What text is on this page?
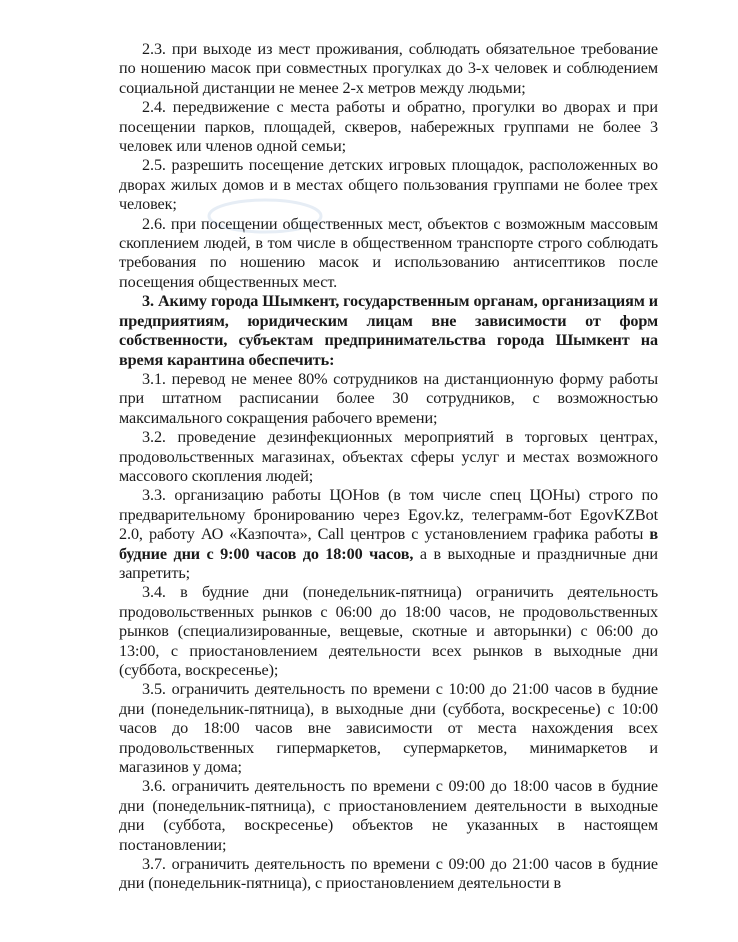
2.3. при выходе из мест проживания, соблюдать обязательное требование по ношению масок при совместных прогулках до 3-х человек и соблюдением социальной дистанции не менее 2-х метров между людьми;

2.4. передвижение с места работы и обратно, прогулки во дворах и при посещении парков, площадей, скверов, набережных группами не более 3 человек или членов одной семьи;

2.5. разрешить посещение детских игровых площадок, расположенных во дворах жилых домов и в местах общего пользования группами не более трех человек;

2.6. при посещении общественных мест, объектов с возможным массовым скоплением людей, в том числе в общественном транспорте строго соблюдать требования по ношению масок и использованию антисептиков после посещения общественных мест.

3. Акиму города Шымкент, государственным органам, организациям и предприятиям, юридическим лицам вне зависимости от форм собственности, субъектам предпринимательства города Шымкент на время карантина обеспечить:

3.1. перевод не менее 80% сотрудников на дистанционную форму работы при штатном расписании более 30 сотрудников, с возможностью максимального сокращения рабочего времени;

3.2. проведение дезинфекционных мероприятий в торговых центрах, продовольственных магазинах, объектах сферы услуг и местах возможного массового скопления людей;

3.3. организацию работы ЦОНов (в том числе спец ЦОНы) строго по предварительному бронированию через Egov.kz, телеграмм-бот EgovKZBot 2.0, работу АО «Казпочта», Call центров с установлением графика работы в будние дни с 9:00 часов до 18:00 часов, а в выходные и праздничные дни запретить;

3.4. в будние дни (понедельник-пятница) ограничить деятельность продовольственных рынков с 06:00 до 18:00 часов, не продовольственных рынков (специализированные, вещевые, скотные и авторынки) с 06:00 до 13:00, с приостановлением деятельности всех рынков в выходные дни (суббота, воскресенье);

3.5. ограничить деятельность по времени с 10:00 до 21:00 часов в будние дни (понедельник-пятница), в выходные дни (суббота, воскресенье) с 10:00 часов до 18:00 часов вне зависимости от места нахождения всех продовольственных гипермаркетов, супермаркетов, минимаркетов и магазинов у дома;

3.6. ограничить деятельность по времени с 09:00 до 18:00 часов в будние дни (понедельник-пятница), с приостановлением деятельности в выходные дни (суббота, воскресенье) объектов не указанных в настоящем постановлении;

3.7. ограничить деятельность по времени с 09:00 до 21:00 часов в будние дни (понедельник-пятница), с приостановлением деятельности в
